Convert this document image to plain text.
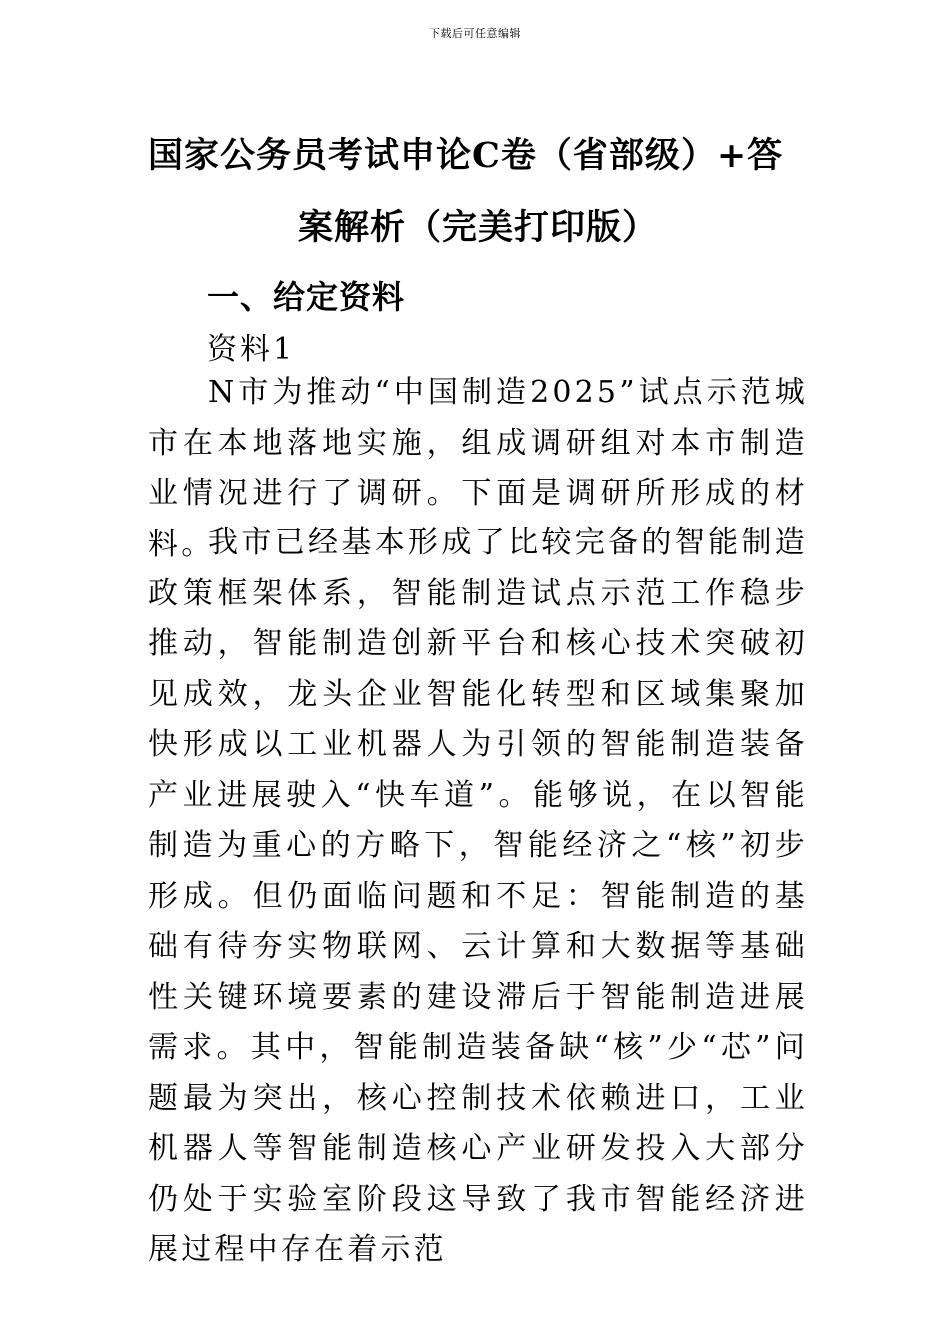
下载后可任意编辑
国家公务员考试申论C卷（省部级）+答
案解析（完美打印版）
一、给定资料
资料1

N市为推动“中国制造2025”试点示范城市在本地落地实施，组成调研组对本市制造业情况进行了调研。下面是调研所形成的材料。

我市已经基本形成了比较完备的智能制造政策框架体系，智能制造试点示范工作稳步推动，智能制造创新平台和核心技术突破初见成效，龙头企业智能化转型和区域集聚加快形成以工业机器人为引领的智能制造装备产业进展驶入“快车道”。能够说，在以智能制造为重心的方略下，智能经济之“核”初步形成。但仍面临问题和不足：智能制造的基础有待夯实物联网、云计算和大数据等基础性关键环境要素的建设滞后于智能制造进展需求。其中，智能制造装备缺“核”少“芯”问题最为突出，核心控制技术依赖进口，工业机器人等智能制造核心产业研发投入大部分仍处于实验室阶段这导致了我市智能经济进展过程中存在着示范
